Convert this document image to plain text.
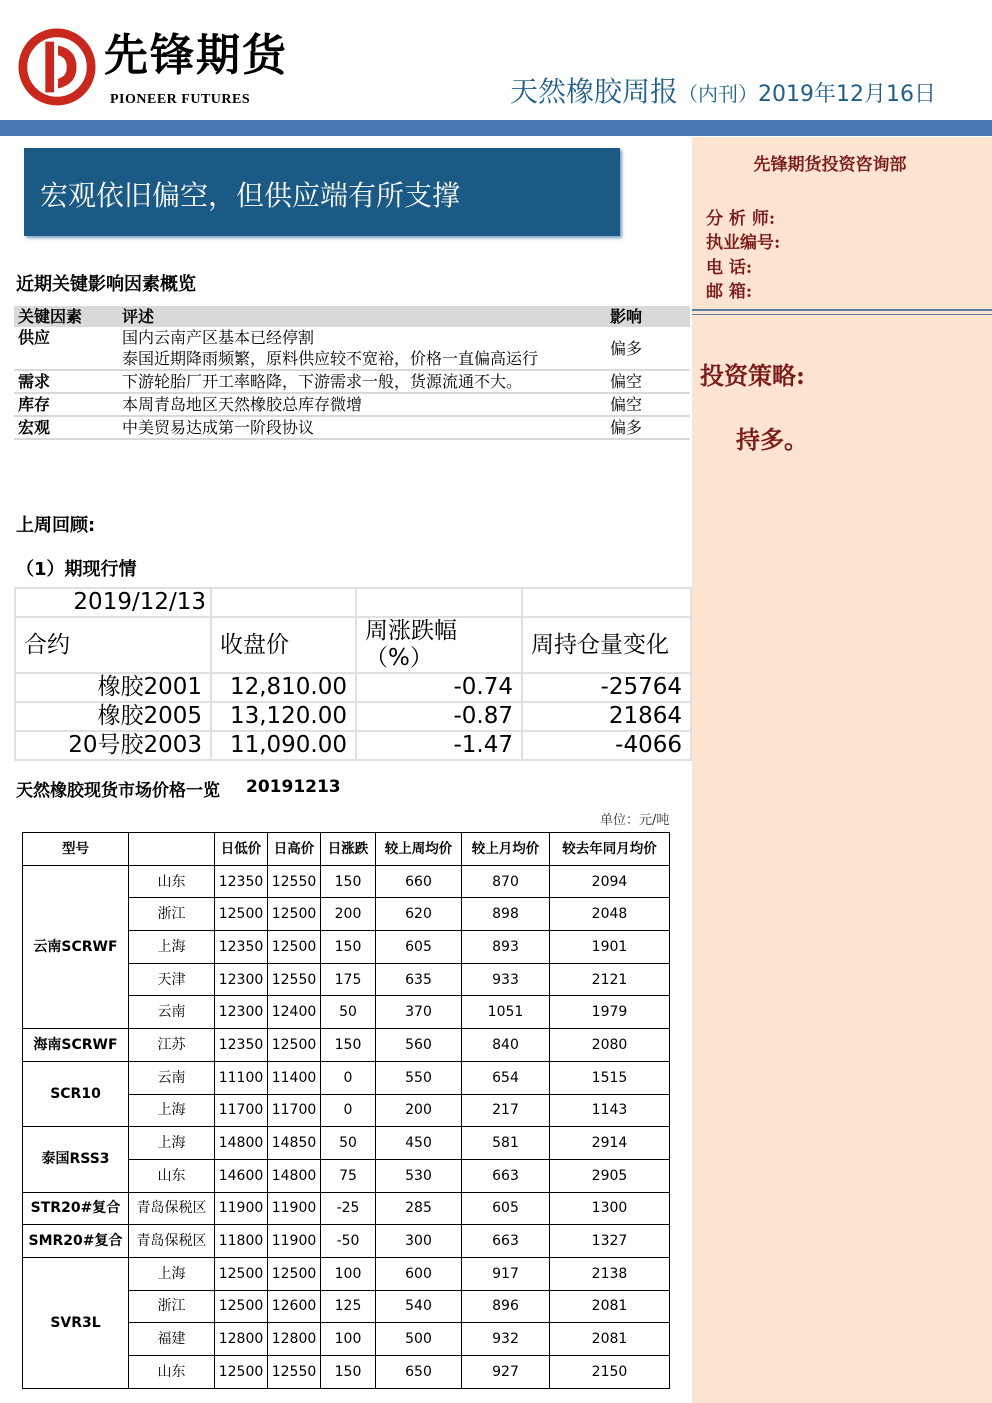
先锋期货
PIONEER FUTURES	天然橡胶周报（内刊）2019年12月16日
先锋期货投资咨询部
分 析 师:
执业编号:
电 话:
邮 箱:
投资策略:
持多。
宏观依旧偏空，但供应端有所支撑
近期关键影响因素概览
关键因素	评述	影响
供应	国内云南产区基本已经停割
泰国近期降雨频繁，原料供应较不宽裕，价格一直偏高运行	偏多
需求	下游轮胎厂开工率略降，下游需求一般，货源流通不大。	偏空
库存	本周青岛地区天然橡胶总库存微增	偏空
宏观	中美贸易达成第一阶段协议	偏多
上周回顾:
（1）期现行情
2019/12/13			
合约	收盘价	周涨跌幅（%）	周持仓量变化
橡胶2001	12,810.00	-0.74	-25764
橡胶2005	13,120.00	-0.87	21864
20号胶2003	11,090.00	-1.47	-4066
天然橡胶现货市场价格一览 20191213
单位：元/吨
型号		日低价	日高价	日涨跌	较上周均价	较上月均价	较去年同月均价
云南SCRWF	山东	12350	12550	150	660	870	2094
	浙江	12500	12500	200	620	898	2048
	上海	12350	12500	150	605	893	1901
	天津	12300	12550	175	635	933	2121
	云南	12300	12400	50	370	1051	1979
海南SCRWF	江苏	12350	12500	150	560	840	2080
SCR10	云南	11100	11400	0	550	654	1515
	上海	11700	11700	0	200	217	1143
泰国RSS3	上海	14800	14850	50	450	581	2914
	山东	14600	14800	75	530	663	2905
STR20#复合	青岛保税区	11900	11900	-25	285	605	1300
SMR20#复合	青岛保税区	11800	11900	-50	300	663	1327
SVR3L	上海	12500	12500	100	600	917	2138
	浙江	12500	12600	125	540	896	2081
	福建	12800	12800	100	500	932	2081
	山东	12500	12550	150	650	927	2150
